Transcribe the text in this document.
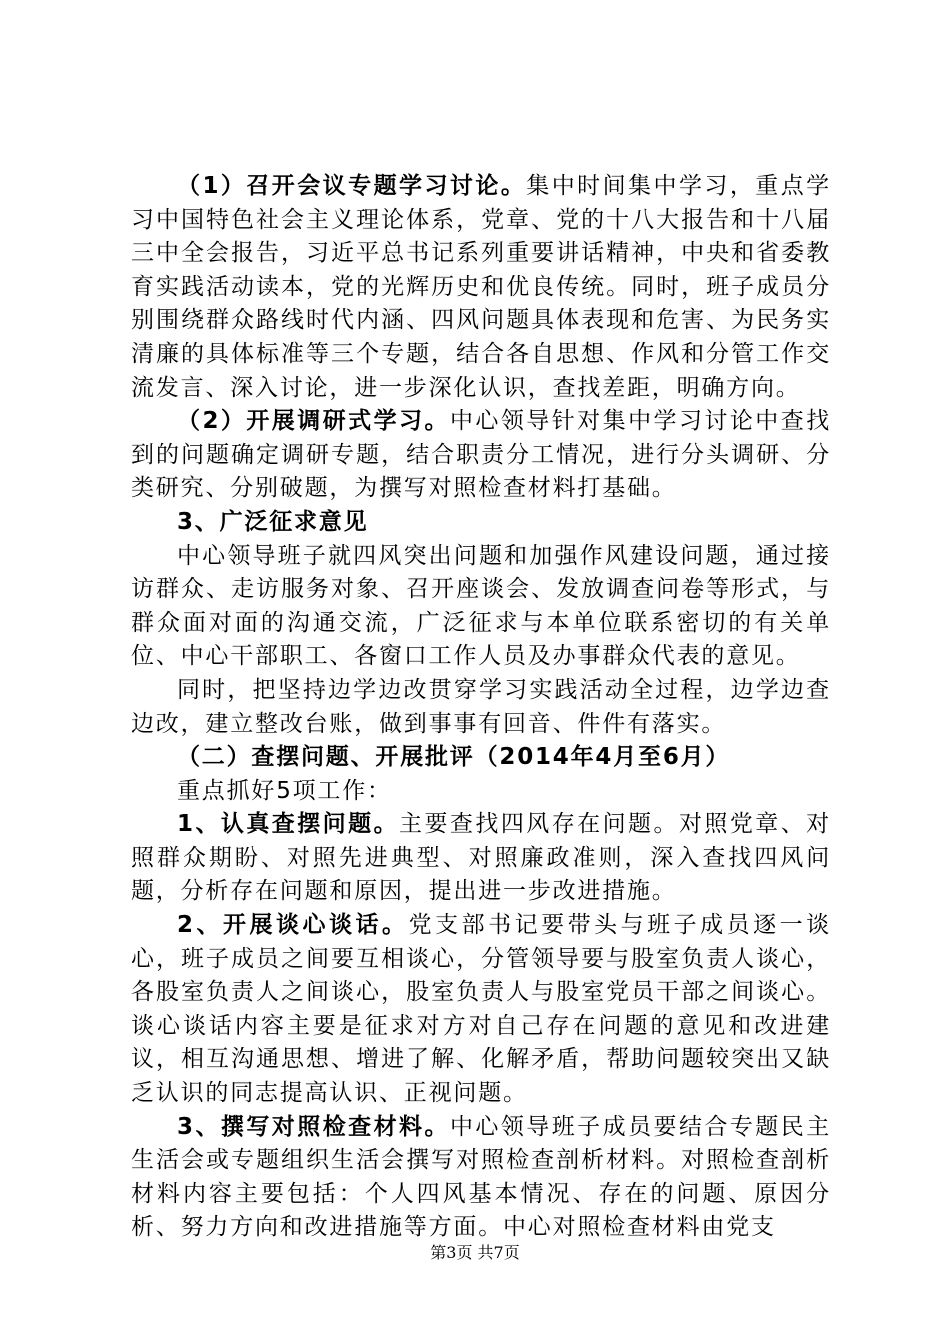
（1）召开会议专题学习讨论。集中时间集中学习，重点学习中国特色社会主义理论体系，党章、党的十八大报告和十八届三中全会报告，习近平总书记系列重要讲话精神，中央和省委教育实践活动读本，党的光辉历史和优良传统。同时，班子成员分别围绕群众路线时代内涵、四风问题具体表现和危害、为民务实清廉的具体标准等三个专题，结合各自思想、作风和分管工作交流发言、深入讨论，进一步深化认识，查找差距，明确方向。

（2）开展调研式学习。中心领导针对集中学习讨论中查找到的问题确定调研专题，结合职责分工情况，进行分头调研、分类研究、分别破题，为撰写对照检查材料打基础。

3、广泛征求意见

中心领导班子就四风突出问题和加强作风建设问题，通过接访群众、走访服务对象、召开座谈会、发放调查问卷等形式，与群众面对面的沟通交流，广泛征求与本单位联系密切的有关单位、中心干部职工、各窗口工作人员及办事群众代表的意见。

同时，把坚持边学边改贯穿学习实践活动全过程，边学边查边改，建立整改台账，做到事事有回音、件件有落实。

（二）查摆问题、开展批评（2014年4月至6月）

重点抓好5项工作：

1、认真查摆问题。主要查找四风存在问题。对照党章、对照群众期盼、对照先进典型、对照廉政准则，深入查找四风问题，分析存在问题和原因，提出进一步改进措施。

2、开展谈心谈话。党支部书记要带头与班子成员逐一谈心，班子成员之间要互相谈心，分管领导要与股室负责人谈心，各股室负责人之间谈心，股室负责人与股室党员干部之间谈心。谈心谈话内容主要是征求对方对自己存在问题的意见和改进建议，相互沟通思想、增进了解、化解矛盾，帮助问题较突出又缺乏认识的同志提高认识、正视问题。

3、撰写对照检查材料。中心领导班子成员要结合专题民主生活会或专题组织生活会撰写对照检查剖析材料。对照检查剖析材料内容主要包括：个人四风基本情况、存在的问题、原因分析、努力方向和改进措施等方面。中心对照检查材料由党支

第3页 共7页
